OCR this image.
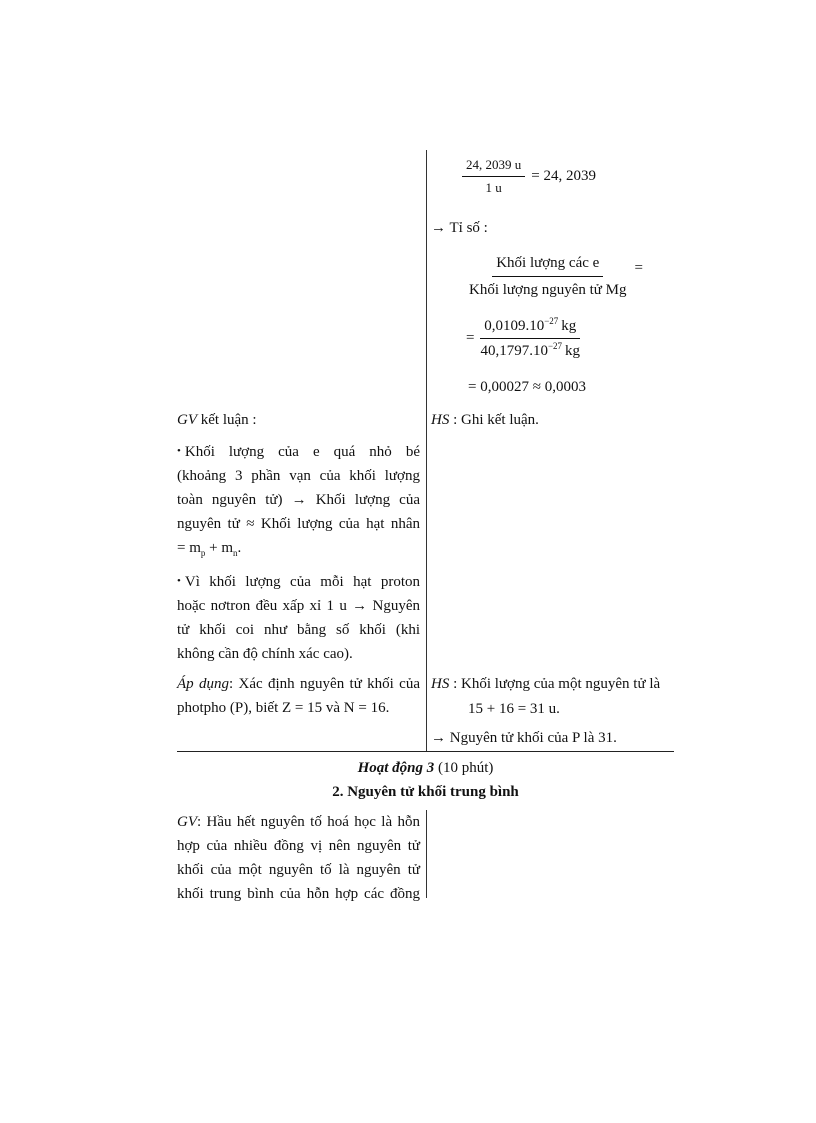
$\frac{24, 2039 u}{1 u} = 24$, 2039
→ Tỉ số :
$\frac{\text{Khối lượng các e}}{\text{Khối lượng nguyên tử Mg}}$ =
= $\frac{0,0109.10^{-27} kg}{40,1797.10^{-27} kg}$
= 0,00027 ≈ 0,0003
HS : Ghi kết luận.
HS : Khối lượng của một nguyên tử là
15 + 16 = 31 u.
→ Nguyên tử khối của P là 31.
GV kết luận :
• Khối lượng của e quá nhỏ bé
(khoảng 3 phần vạn của khối lượng
toàn nguyên tử) → Khối lượng của
nguyên tử ≈ Khối lượng của hạt nhân
= $m_p + m_n$.
• Vì khối lượng của mỗi hạt proton
hoặc nơtron đều xấp xỉ 1 u → Nguyên
tử khối coi như bằng số khối (khi
không cần độ chính xác cao).
Áp dụng: Xác định nguyên tử khối của
photpho (P), biết Z = 15 và N = 16.
Hoạt động 3 (10 phút)
2. Nguyên tử khối trung bình
GV: Hầu hết nguyên tố hoá học là hỗn
hợp của nhiều đồng vị nên nguyên tử
khối của một nguyên tố là nguyên tử
khối trung bình của hỗn hợp các đồng
